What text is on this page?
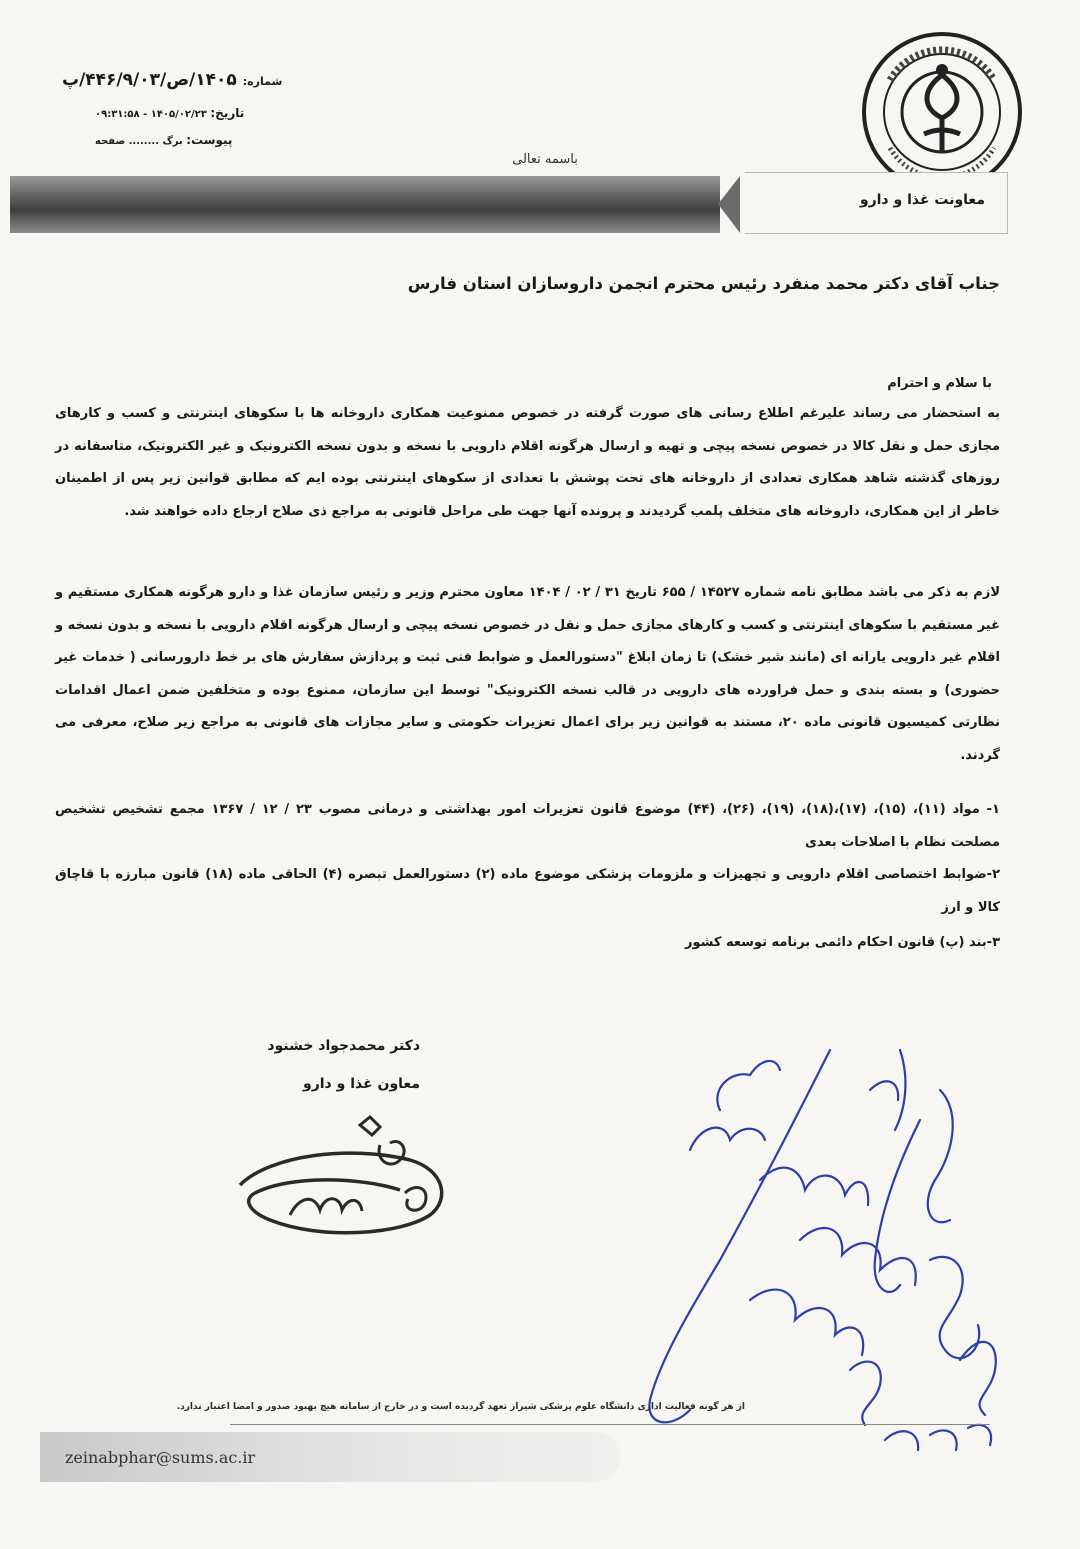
شماره: ۱۴۰۵/ص/۴۴۶/۹/۰۳/پ
تاریخ: ۱۴۰۵/۰۲/۲۳ - ۰۹:۳۱:۵۸
پیوست: برگ ........ صفحه
باسمه تعالی
معاونت غذا و دارو
جناب آقای دکتر محمد منفرد رئیس محترم انجمن داروسازان استان فارس
با سلام و احترام
به استحضار می رساند علیرغم اطلاع رسانی های صورت گرفته در خصوص ممنوعیت همکاری داروخانه ها با سکوهای اینترنتی و کسب و کارهای مجازی حمل و نقل کالا در خصوص نسخه پیچی و تهیه و ارسال هرگونه اقلام دارویی با نسخه و بدون نسخه الکترونیک و غیر الکترونیک، متاسفانه در روزهای گذشته شاهد همکاری تعدادی از داروخانه های تحت پوشش با تعدادی از سکوهای اینترنتی بوده ایم که مطابق قوانین زیر پس از اطمینان خاطر از این همکاری، داروخانه های متخلف پلمب گردیدند و پرونده آنها جهت طی مراحل قانونی به مراجع ذی صلاح ارجاع داده خواهند شد.
لازم به ذکر می باشد مطابق نامه شماره ۱۴۵۲۷ / ۶۵۵ تاریخ ۳۱ / ۰۲ / ۱۴۰۴ معاون محترم وزیر و رئیس سازمان غذا و دارو هرگونه همکاری مستقیم و غیر مستقیم با سکوهای اینترنتی و کسب و کارهای مجازی حمل و نقل در خصوص نسخه پیچی و ارسال هرگونه اقلام دارویی با نسخه و بدون نسخه و اقلام غیر دارویی یارانه ای (مانند شیر خشک) تا زمان ابلاغ "دستورالعمل و ضوابط فنی ثبت و پردازش سفارش های بر خط دارورسانی ( خدمات غیر حضوری) و بسته بندی و حمل فراورده های دارویی در قالب نسخه الکترونیک" توسط این سازمان، ممنوع بوده و متخلفین ضمن اعمال اقدامات نظارتی کمیسیون قانونی ماده ۲۰، مستند به قوانین زیر برای اعمال تعزیرات حکومتی و سایر مجازات های قانونی به مراجع زیر صلاح، معرفی می گردند.
۱- مواد (۱۱)، (۱۵)، (۱۷)،(۱۸)، (۱۹)، (۲۶)، (۴۴) موضوع قانون تعزیرات امور بهداشتی و درمانی مصوب ۲۳ / ۱۲ / ۱۳۶۷ مجمع تشخیص تشخیص مصلحت نظام با اصلاحات بعدی
۲-ضوابط اختصاصی اقلام دارویی و تجهیزات و ملزومات پزشکی موضوع ماده (۲) دستورالعمل تبصره (۴) الحاقی ماده (۱۸) قانون مبارزه با قاچاق کالا و ارز
۳-بند (پ) قانون احکام دائمی برنامه توسعه کشور
دکتر محمدجواد خشنود
معاون غذا و دارو
از هر گونه فعالیت اداری دانشگاه علوم پزشکی شیراز تعهد گردیده است و در خارج از سامانه هیچ بهبود صدور و امضا اعتبار ندارد.
zeinabphar@sums.ac.ir
